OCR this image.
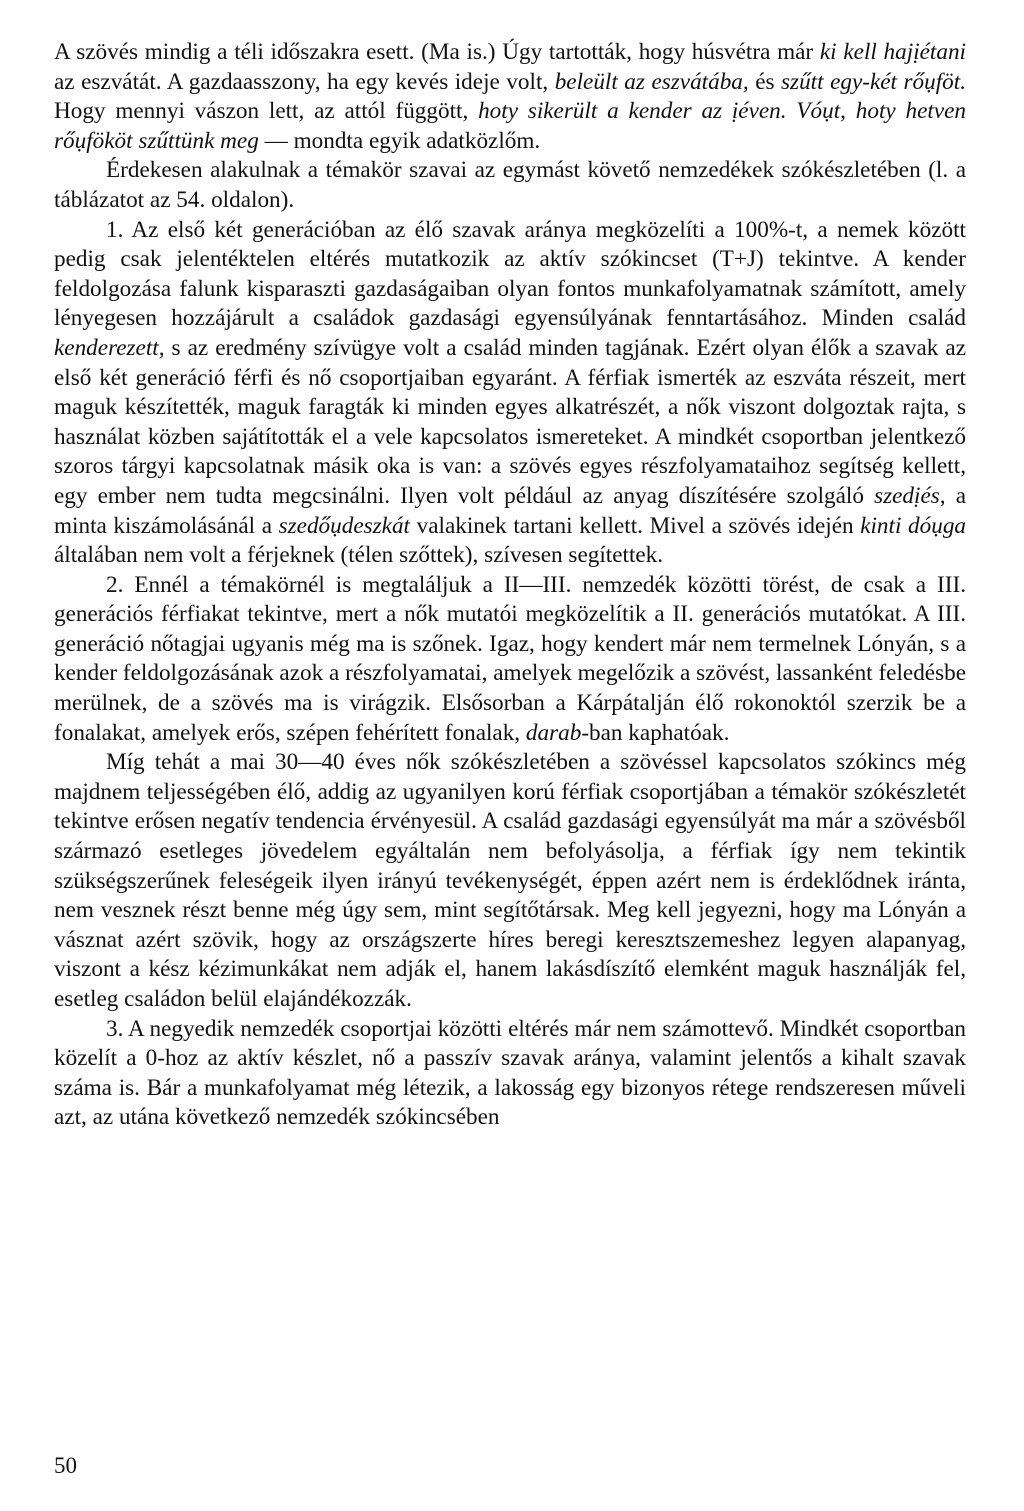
A szövés mindig a téli időszakra esett. (Ma is.) Úgy tartották, hogy húsvétra már ki kell hajịétani az eszvátát. A gazdaasszony, ha egy kevés ideje volt, beleült az eszvátába, és szűtt egy-két rőụföt. Hogy mennyi vászon lett, az attól függött, hoty sikerült a kender az ịéven. Vóụt, hoty hetven rőụfököt szűttünk meg — mondta egyik adatközlőm.

Érdekesen alakulnak a témakör szavai az egymást követő nemzedékek szókészletében (l. a táblázatot az 54. oldalon).

1. Az első két generációban az élő szavak aránya megközelíti a 100%-t, a nemek között pedig csak jelentéktelen eltérés mutatkozik az aktív szókincset (T+J) tekintve. A kender feldolgozása falunk kisparaszti gazdaságaiban olyan fontos munkafolyamatnak számított, amely lényegesen hozzájárult a családok gazdasági egyensúlyának fenntartásához. Minden család kenderezett, s az eredmény szívügye volt a család minden tagjának. Ezért olyan élők a szavak az első két generáció férfi és nő csoportjaiban egyaránt. A férfiak ismerték az eszváta részeit, mert maguk készítették, maguk faragták ki minden egyes alkatrészét, a nők viszont dolgoztak rajta, s használat közben sajátították el a vele kapcsolatos ismereteket. A mindkét csoportban jelentkező szoros tárgyi kapcsolatnak másik oka is van: a szövés egyes részfolyamataihoz segítség kellett, egy ember nem tudta megcsinálni. Ilyen volt például az anyag díszítésére szolgáló szedịés, a minta kiszámolásánál a szedőụdeszkát valakinek tartani kellett. Mivel a szövés idején kinti dóụga általában nem volt a férjeknek (télen szőttek), szívesen segítettek.

2. Ennél a témakörnél is megtaláljuk a II—III. nemzedék közötti törést, de csak a III. generációs férfiakat tekintve, mert a nők mutatói megközelítik a II. generációs mutatókat. A III. generáció nőtagjai ugyanis még ma is szőnek. Igaz, hogy kendert már nem termelnek Lónyán, s a kender feldolgozásának azok a részfolyamatai, amelyek megelőzik a szövést, lassanként feledésbe merülnek, de a szövés ma is virágzik. Elsősorban a Kárpátalján élő rokonoktól szerzik be a fonalakat, amelyek erős, szépen fehérített fonalak, darab-ban kaphatóak.

Míg tehát a mai 30—40 éves nők szókészletében a szövéssel kapcsolatos szókincs még majdnem teljességében élő, addig az ugyanilyen korú férfiak csoportjában a témakör szókészletét tekintve erősen negatív tendencia érvényesül. A család gazdasági egyensúlyát ma már a szövésből származó esetleges jövedelem egyáltalán nem befolyásolja, a férfiak így nem tekintik szükségszerűnek feleségeik ilyen irányú tevékenységét, éppen azért nem is érdeklődnek iránta, nem vesznek részt benne még úgy sem, mint segítőtársak. Meg kell jegyezni, hogy ma Lónyán a vásznat azért szövik, hogy az országszerte híres beregi keresztszemeshez legyen alapanyag, viszont a kész kézimunkákat nem adják el, hanem lakásdíszítő elemként maguk használják fel, esetleg családon belül elajándékozzák.

3. A negyedik nemzedék csoportjai közötti eltérés már nem számottevő. Mindkét csoportban közelít a 0-hoz az aktív készlet, nő a passzív szavak aránya, valamint jelentős a kihalt szavak száma is. Bár a munkafolyamat még létezik, a lakosság egy bizonyos rétege rendszeresen műveli azt, az utána következő nemzedék szókincsében

50
